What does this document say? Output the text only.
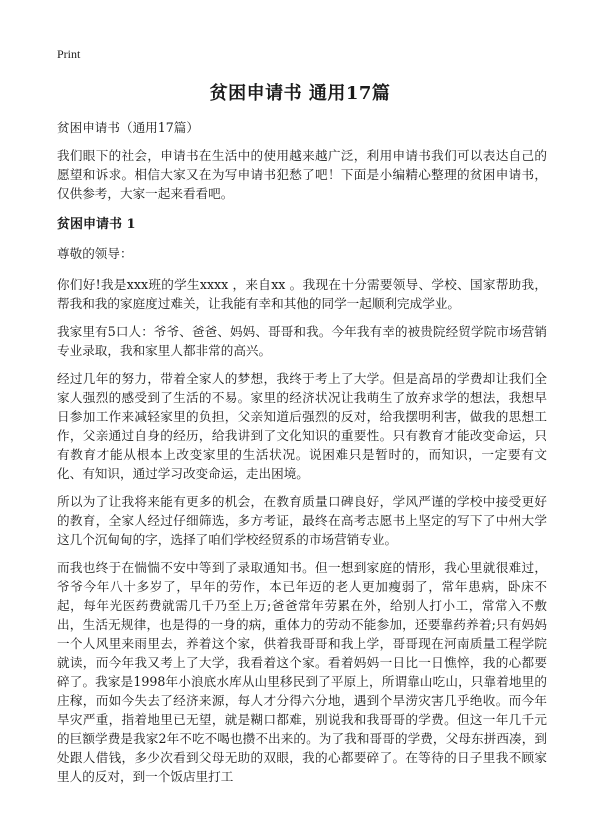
Print
贫困申请书 通用17篇

贫困申请书（通用17篇）

我们眼下的社会，申请书在生活中的使用越来越广泛，利用申请书我们可以表达自己的愿望和诉求。相信大家又在为写申请书犯愁了吧！下面是小编精心整理的贫困申请书，仅供参考，大家一起来看看吧。

贫困申请书 1

尊敬的领导：

你们好!我是xxx班的学生xxxx ，来自xx 。我现在十分需要领导、学校、国家帮助我，帮我和我的家庭度过难关，让我能有幸和其他的同学一起顺利完成学业。

我家里有5口人：爷爷、爸爸、妈妈、哥哥和我。今年我有幸的被贵院经贸学院市场营销专业录取，我和家里人都非常的高兴。

经过几年的努力，带着全家人的梦想，我终于考上了大学。但是高昂的学费却让我们全家人强烈的感受到了生活的不易。家里的经济状况让我萌生了放弃求学的想法，我想早日参加工作来减轻家里的负担，父亲知道后强烈的反对，给我摆明利害，做我的思想工作，父亲通过自身的经历，给我讲到了文化知识的重要性。只有教育才能改变命运，只有教育才能从根本上改变家里的生活状况。说困难只是暂时的，而知识，一定要有文化、有知识，通过学习改变命运，走出困境。

所以为了让我将来能有更多的机会，在教育质量口碑良好，学风严谨的学校中接受更好的教育，全家人经过仔细筛选，多方考证，最终在高考志愿书上坚定的写下了中州大学这几个沉甸甸的字，选择了咱们学校经贸系的市场营销专业。

而我也终于在惴惴不安中等到了录取通知书。但一想到家庭的情形，我心里就很难过，爷爷今年八十多岁了，早年的劳作，本已年迈的老人更加瘦弱了，常年患病，卧床不起，每年光医药费就需几千乃至上万;爸爸常年劳累在外，给别人打小工，常常入不敷出，生活无规律，也是得的一身的病，重体力的劳动不能参加，还要靠药养着;只有妈妈一个人风里来雨里去，养着这个家，供着我哥哥和我上学，哥哥现在河南质量工程学院就读，而今年我又考上了大学，我看着这个家。看着妈妈一日比一日憔悴，我的心都要碎了。我家是1998年小浪底水库从山里移民到了平原上，所谓靠山吃山，只靠着地里的庄稼，而如今失去了经济来源，每人才分得六分地，遇到个旱涝灾害几乎绝收。而今年旱灾严重，指着地里已无望，就是糊口都难，别说我和我哥哥的学费。但这一年几千元的巨额学费是我家2年不吃不喝也攒不出来的。为了我和哥哥的学费，父母东拼西凑，到处跟人借钱，多少次看到父母无助的双眼，我的心都要碎了。在等待的日子里我不顾家里人的反对，到一个饭店里打工
